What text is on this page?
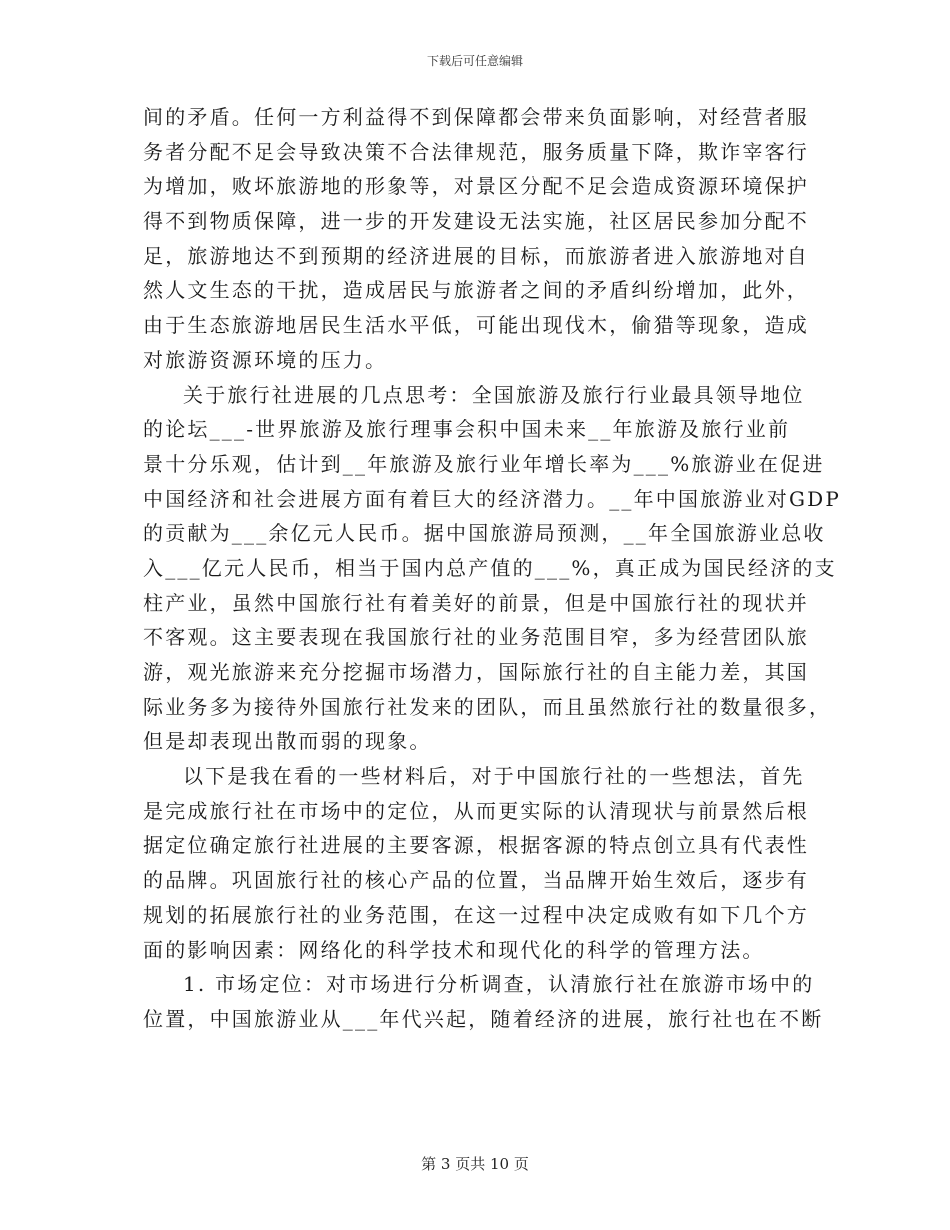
下载后可任意编辑
间的矛盾。任何一方利益得不到保障都会带来负面影响，对经营者服
务者分配不足会导致决策不合法律规范，服务质量下降，欺诈宰客行
为增加，败坏旅游地的形象等，对景区分配不足会造成资源环境保护
得不到物质保障，进一步的开发建设无法实施，社区居民参加分配不
足，旅游地达不到预期的经济进展的目标，而旅游者进入旅游地对自
然人文生态的干扰，造成居民与旅游者之间的矛盾纠纷增加，此外，
由于生态旅游地居民生活水平低，可能出现伐木，偷猎等现象，造成
对旅游资源环境的压力。
关于旅行社进展的几点思考：全国旅游及旅行行业最具领导地位
的论坛___-世界旅游及旅行理事会积中国未来__年旅游及旅行业前
景十分乐观，估计到__年旅游及旅行业年增长率为___%旅游业在促进
中国经济和社会进展方面有着巨大的经济潜力。__年中国旅游业对GDP
的贡献为___余亿元人民币。据中国旅游局预测，__年全国旅游业总收
入___亿元人民币，相当于国内总产值的___%，真正成为国民经济的支
柱产业，虽然中国旅行社有着美好的前景，但是中国旅行社的现状并
不客观。这主要表现在我国旅行社的业务范围目窄，多为经营团队旅
游，观光旅游来充分挖掘市场潜力，国际旅行社的自主能力差，其国
际业务多为接待外国旅行社发来的团队，而且虽然旅行社的数量很多，
但是却表现出散而弱的现象。
以下是我在看的一些材料后，对于中国旅行社的一些想法，首先
是完成旅行社在市场中的定位，从而更实际的认清现状与前景然后根
据定位确定旅行社进展的主要客源，根据客源的特点创立具有代表性
的品牌。巩固旅行社的核心产品的位置，当品牌开始生效后，逐步有
规划的拓展旅行社的业务范围，在这一过程中决定成败有如下几个方
面的影响因素：网络化的科学技术和现代化的科学的管理方法。
1. 市场定位：对市场进行分析调查，认清旅行社在旅游市场中的
位置，中国旅游业从___年代兴起，随着经济的进展，旅行社也在不断
第 3 页共 10 页
